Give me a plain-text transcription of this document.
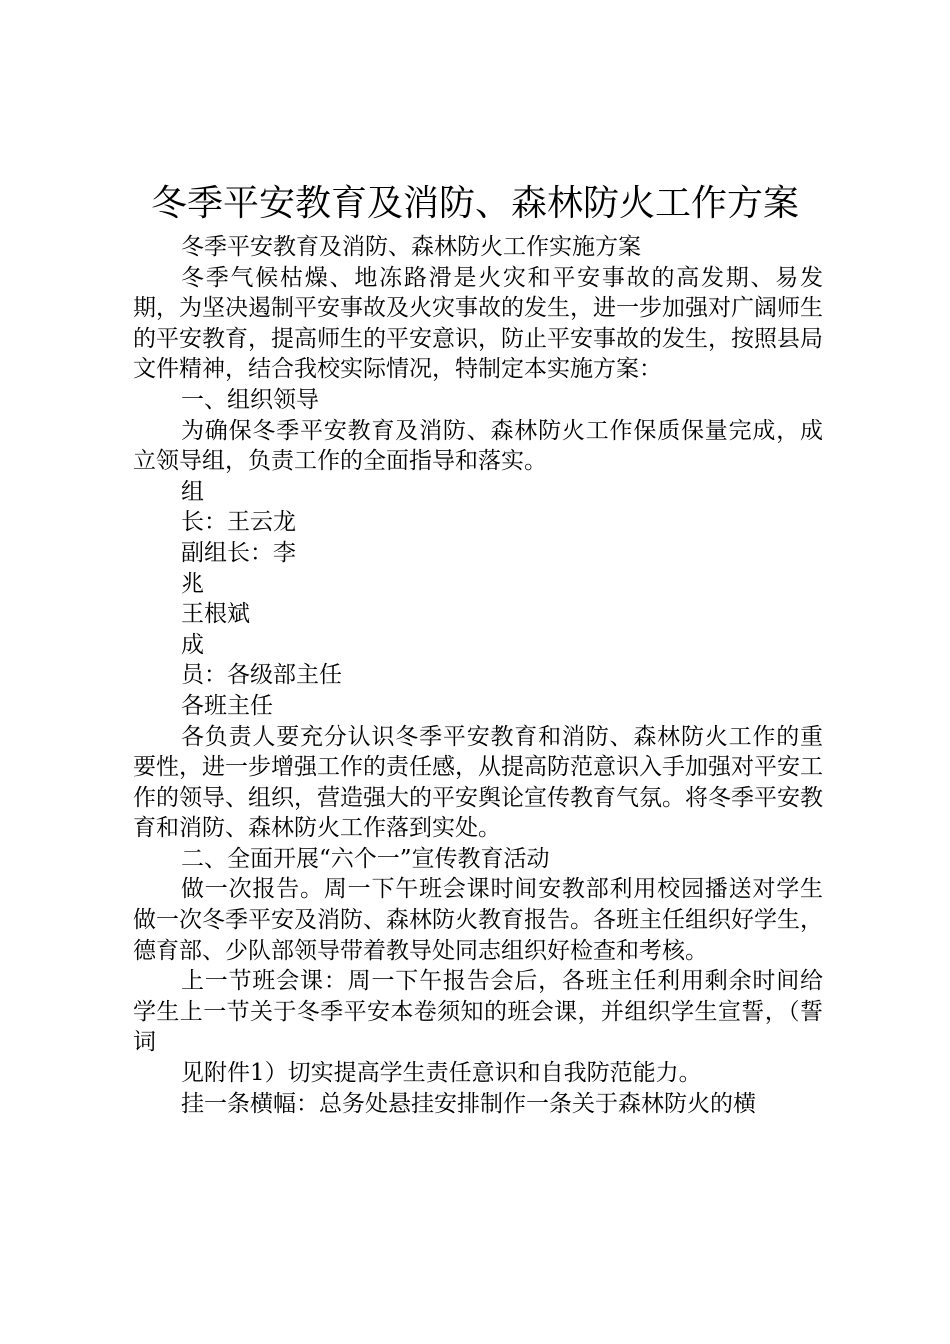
冬季平安教育及消防、森林防火工作方案

冬季平安教育及消防、森林防火工作实施方案

冬季气候枯燥、地冻路滑是火灾和平安事故的高发期、易发期，为坚决遏制平安事故及火灾事故的发生，进一步加强对广阔师生的平安教育，提高师生的平安意识，防止平安事故的发生，按照县局文件精神，结合我校实际情况，特制定本实施方案：

一、组织领导

为确保冬季平安教育及消防、森林防火工作保质保量完成，成立领导组，负责工作的全面指导和落实。

组

长：王云龙

副组长：李

兆

王根斌

成

员：各级部主任

各班主任

各负责人要充分认识冬季平安教育和消防、森林防火工作的重要性，进一步增强工作的责任感，从提高防范意识入手加强对平安工作的领导、组织，营造强大的平安舆论宣传教育气氛。将冬季平安教育和消防、森林防火工作落到实处。

二、全面开展“六个一”宣传教育活动

做一次报告。周一下午班会课时间安教部利用校园播送对学生做一次冬季平安及消防、森林防火教育报告。各班主任组织好学生，德育部、少队部领导带着教导处同志组织好检查和考核。

上一节班会课：周一下午报告会后，各班主任利用剩余时间给学生上一节关于冬季平安本卷须知的班会课，并组织学生宣誓，（誓词

见附件1）切实提高学生责任意识和自我防范能力。

挂一条横幅：总务处悬挂安排制作一条关于森林防火的横
